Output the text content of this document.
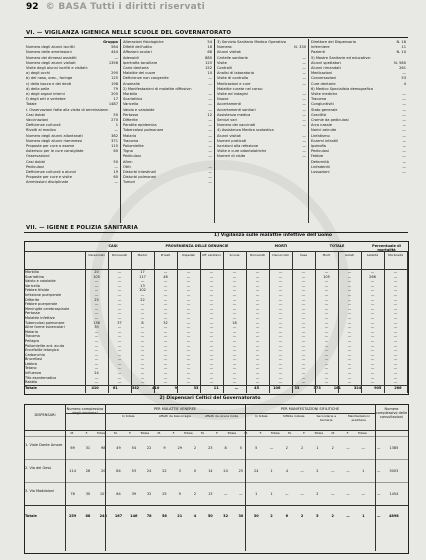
92 © BASA Tutti i diritti riservati
VI. — VIGILANZA IGIENICA NELLE SCUOLE DEL GOVERNATORATO
Gruppo
Numero degli alunni iscritti	564
Numero delle ammissioni	444
Numero dei dimessi assistiti	—
Numero degli alunni visitati	1356
Visite degli alunni iscritti e visitati:
a) degli occhi	290
b) del naso, orec., faringe	125
c) della bocca e dei denti	198
d) della pelle	79
e) degli organi interni	205
f) degli arti e vertebre	17
Totale	1487
I. Osservazioni fatte alla visita di ammissione:
Casi dubbi	50
Vaccinazioni	270
Deficienze culturali	1
Rivolti al medico	—
Numero degli alunni allontanati	382
Numero degli alunni riammessi	371
Proposte per cure o esame	115
Asterisco per le cure consigliate	60
Osservazioni:
Casi dubbi	50
Pediculosi	—
Deficienze culturali a alunni	19
Proposte per cure e visite	60
Ammissioni disciplinate	—
Alterazioni fisiologiche	54
Difetti dell'udito	16
Affezioni oculari	68
Adenoidi	880
Ipertrofia tonsillare	125
Carie dentaria	152
Malattie del cuore	10
Deficienze non congenite	—
Anomalie	—
2) Manifestazioni di malattie diffusive:
Morbillo	—
Scarlattina	—
Varicella	—
Vaiolo e vaioloide	—
Pertosse	12
Difterite	—
Parotite epidemica	—
Tubercolosi polmonare	—
Malaria	—
Tracoma	—
Poliomielite	—
Tigna	—
Pediculosi	—
Altre:
Otiti	—
Disturbi intestinali	—
Disturbi polmonari	—
Tumori	—
3) Servizio Sanitario Medico Operativo
Numero:	N. 330
Alunni visitati
Cartelle sanitarie	—
Visite	—
Controlli	—
Analisi di laboratorio	—
Visite di controllo	—
Medicazioni e cure	—
Malattie curate nel corso:
Visite ed indagini	—
Nuove	—
Accertamenti	—
Accertamenti sanitari	—
Assistenza medica	—
Servizi vari	—
Numero dei vaccinati	—
4) Assistenza Medica scolastica
Alunni visitati	—
Numeri praticati	—
Iscrizioni alla refezione	—
Visite e cure odontoiatriche	—
Numeri di visite	—
Direttore del Dispensario	N. 16
Infermiere	11
Pazienti	N. 10
5) Mostre Sanitarie ed educative:
Alunni spettatori	N. 580
Alunni rimandati	261
Medicazioni	—
Conversazioni	53
Cure dentarie	4
6) Medico Specialista demografico
Visite mediche	—
Tracoma	—
Congiuntiviti	—
Stato generale	—
Gracilità	—
Cromie da pediculosi	—
Arco nasale	—
Narici ostruite	—
Linfatismo	—
Eczemi infantili	—
Ipotrofia	—
Pediculosi	—
Febbre	—
Deformità	—
Linfadeniti	—
Lussazioni	—
VII. — IGIENE E POLIZIA SANITARIA
1) Vigilanza sulle malattie infettive dell'uomo
Morbillo	20	—	17	—	—	—	—	—	—	—	—	—	—	—
Scarlattina	105	—	117	48	—	—	—	—	—	—	105	—	266	—
Vaiolo e vaioloide	—	—	—	—	—	—	—	—	—	—	—	—	—	—
Varicella	—	—	13	—	—	—	—	—	—	—	—	—	—	—
Febbre tifoide	—	—	102	—	—	—	—	—	—	—	—	—	—	—
Infezione puerperale	—	—	—	—	—	—	—	—	—	—	—	—	—	—
Difterite	25	—	22	—	—	—	—	—	—	—	—	—	—	—
Febbre puerperale	—	—	—	—	—	—	—	—	—	—	—	—	—	—
Meningite cerebrospinale	—	—	—	—	—	—	—	—	—	—	—	—	—	—
Pertosse	—	—	—	—	—	—	—	—	—	—	—	—	—	—
Malattie infettive	—	—	—	—	—	—	—	—	—	—	—	—	—	—
Tubercolosi polmonare	136	37	8	32	—	—	18	—	—	—	—	—	—	—
Altre forme tubercolari	30	—	—	—	—	—	—	—	—	—	—	—	—	—
Malaria	—	—	—	—	—	—	—	—	—	—	—	—	—	—
Tracoma	—	—	—	—	—	—	—	—	—	—	—	—	—	—
Pellagra	—	—	—	—	—	—	—	—	—	—	—	—	—	—
Poliomielite ant. acuta	—	—	—	—	—	—	—	—	—	—	—	—	—	—
Encefalite letargica	—	—	—	—	—	—	—	—	—	—	—	—	—	—
Carbonchio	—	—	—	—	—	—	—	—	—	—	—	—	—	—
Brucellosi	—	—	—	—	—	—	—	—	—	—	—	—	—	—
Lebbra	—	—	—	—	—	—	—	—	—	—	—	—	—	—
Tetano	—	—	—	—	—	—	—	—	—	—	—	—	—	—
Influenza	24	—	—	—	—	—	—	—	—	—	—	—	—	—
Tifo esantematico	—	—	—	—	—	—	—	—	—	—	—	—	—	—
Rabbia	—	—	—	—	—	—	—	—	—	—	—	—	—	—
Totale	410	61	342	410	9	33	11	—	45	106	55	373	161	324	905	266
CASI	PROVENIENZA DELLE DENUNCIE	MORTI	TOTALE	Percentuale di mortalità
Denunziati	Ricoverati	Medici	Privati	Ospedali	Uff. sanitario	Scuole	Ricoverati	Denunciati	Case	Morti	Isolati	Letalità	Morbosità
2) Dispensari Celtici del Governatorato
DISPENSARI
Numero complessivo degli ammessi
PER MALATTIE VENEREE	PER MANIFESTAZIONI SIFILITICHE	Numero complessivo delle consultazioni
M.	F.	Totale	M.	F.	Totale	M.	F.	Totale	M.	F.	Totale	M.	F.	Totale	M.	F.	Totale	M.	F.	Totale
1. Viale Dante Amore
69	31	98	49	54	22	9	29	2	23	8	5	5	—	2	2	1	2	—	—	—	1385
2. Via del Gesù
114	26	20	84	53	24	22	3	0	14	24	25	24	1	4	—	2	—	—	1	—	3003
3. Via Maddaloni
76	30	107	64	39	32	25	9	2	13	—	—	1	1	—	—	2	—	—	—	—	1454
Totale	259	88	245	167	146	78	56	21	4	50	32	30	30	2	6	2	5	2	—	1	—	4898
In totale	Affetti da blenorragia	Affetti da ulcera molle	In totale	Sifilide iniziale	Secondarie e terziarie
Manifestazioni ereditarie
